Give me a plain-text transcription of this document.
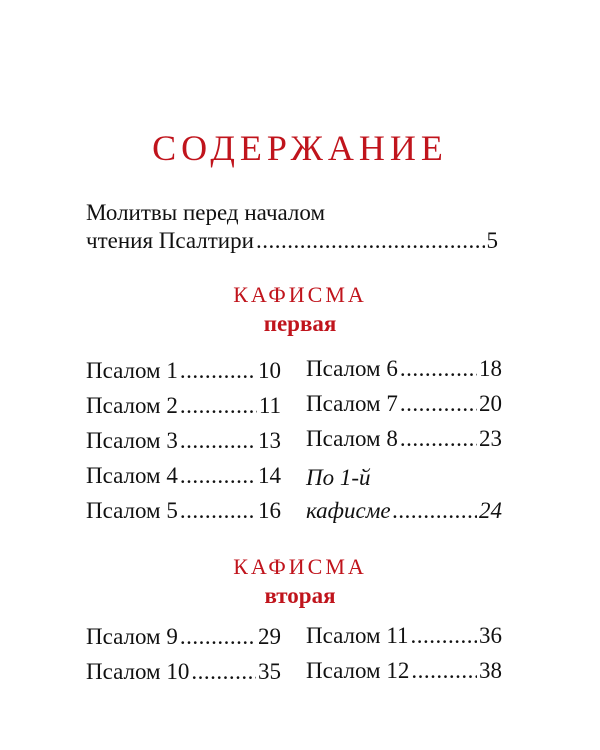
СОДЕРЖАНИЕ
Молитвы перед началом
чтения Псалтири .....	5
КАФИСМА
первая
Псалом 1 .....	10
Псалом 2 .....	11
Псалом 3 .....	13
Псалом 4 .....	14
Псалом 5 .....	16
Псалом 6 .....	18
Псалом 7 .....	20
Псалом 8 .....	23
По 1-й
кафисме .....	24
КАФИСМА
вторая
Псалом 9 .....	29
Псалом 10 .....	35
Псалом 11 .....	36
Псалом 12 .....	38
